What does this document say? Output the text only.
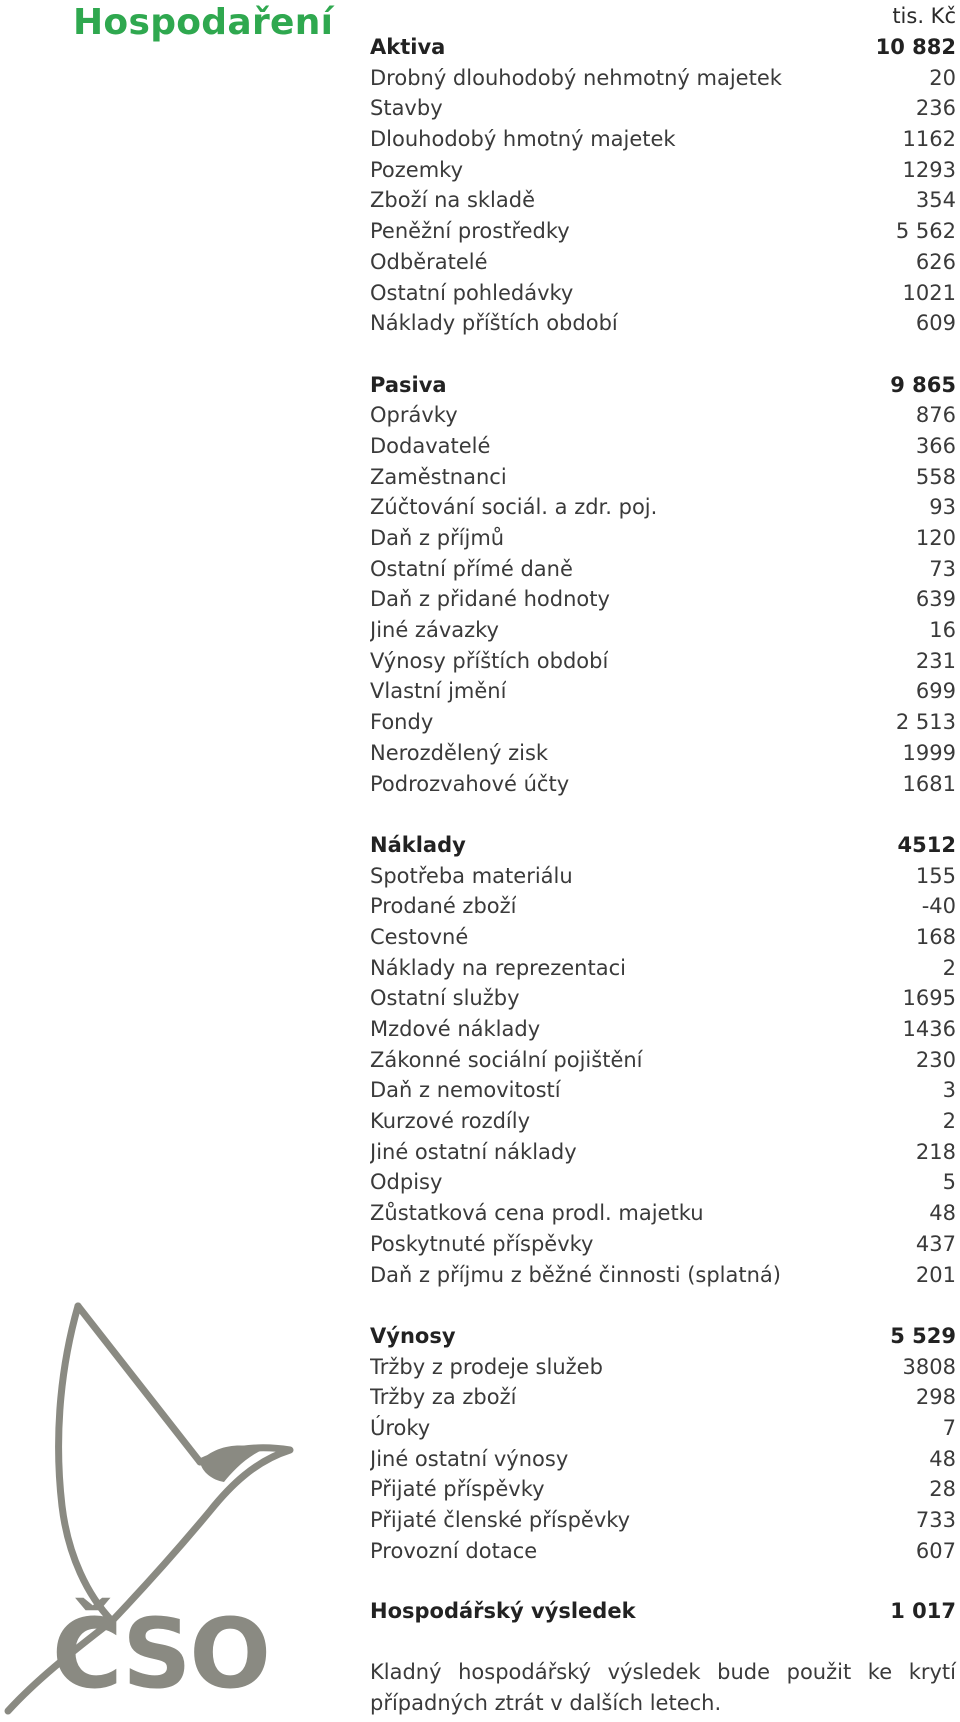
Hospodaření	tis. Kč
Aktiva	10 882
Drobný dlouhodobý nehmotný majetek	20
Stavby	236
Dlouhodobý hmotný majetek	1162
Pozemky	1293
Zboží na skladě	354
Peněžní prostředky	5 562
Odběratelé	626
Ostatní pohledávky	1021
Náklady příštích období	609
Pasiva	9 865
Oprávky	876
Dodavatelé	366
Zaměstnanci	558
Zúčtování sociál. a zdr. poj.	93
Daň z příjmů	120
Ostatní přímé daně	73
Daň z přidané hodnoty	639
Jiné závazky	16
Výnosy příštích období	231
Vlastní jmění	699
Fondy	2 513
Nerozdělený zisk	1999
Podrozvahové účty	1681
Náklady	4512
Spotřeba materiálu	155
Prodané zboží	-40
Cestovné	168
Náklady na reprezentaci	2
Ostatní služby	1695
Mzdové náklady	1436
Zákonné sociální pojištění	230
Daň z nemovitostí	3
Kurzové rozdíly	2
Jiné ostatní náklady	218
Odpisy	5
Zůstatková cena prodl. majetku	48
Poskytnuté příspěvky	437
Daň z příjmu z běžné činnosti (splatná)	201
Výnosy	5 529
Tržby z prodeje služeb	3808
Tržby za zboží	298
Úroky	7
Jiné ostatní výnosy	48
Přijaté příspěvky	28
Přijaté členské příspěvky	733
Provozní dotace	607
Hospodářský výsledek	1 017
Kladný hospodářský výsledek bude použit ke krytí případných ztrát v dalších letech.
ČSO
